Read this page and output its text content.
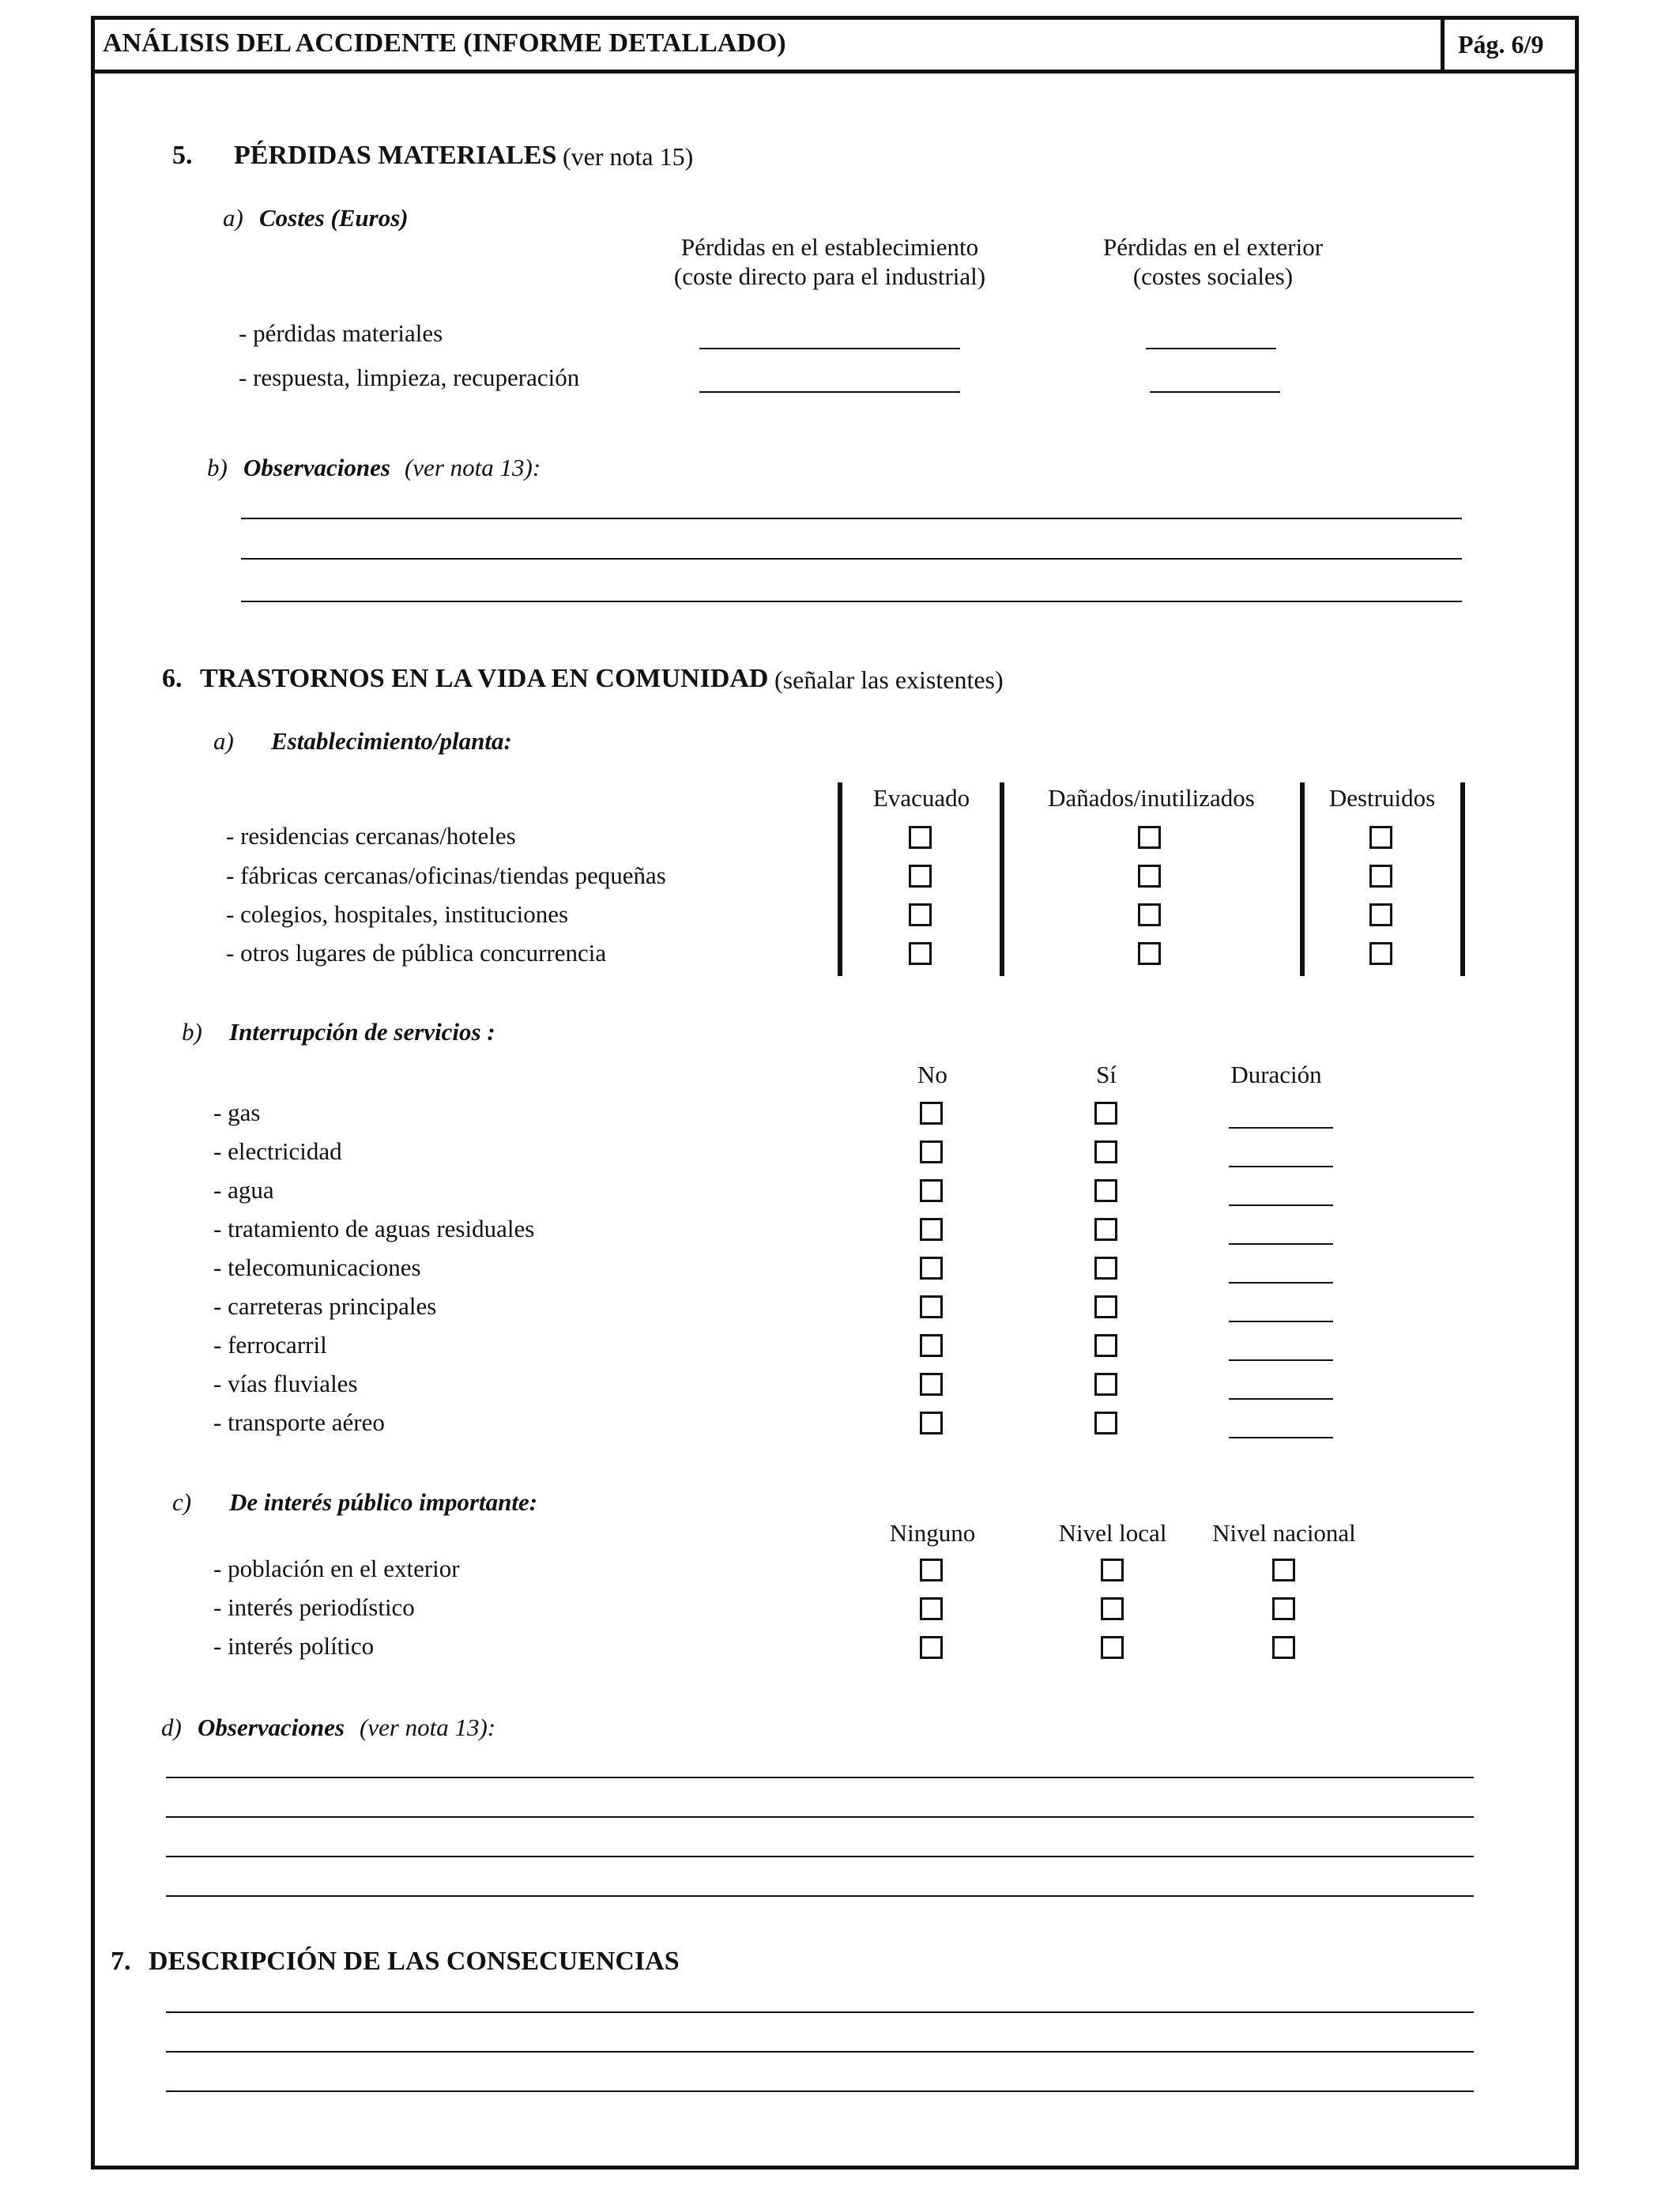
ANÁLISIS DEL ACCIDENTE (INFORME DETALLADO)	Pág. 6/9
5. PÉRDIDAS MATERIALES (ver nota 15)
a) Costes (Euros)
Pérdidas en el establecimiento
(coste directo para el industrial)
Pérdidas en el exterior
(costes sociales)
- pérdidas materiales
- respuesta, limpieza, recuperación
b) Observaciones (ver nota 13):
6. TRASTORNOS EN LA VIDA EN COMUNIDAD (señalar las existentes)
a) Establecimiento/planta:
Evacuado	Dañados/inutilizados	Destruidos
- residencias cercanas/hoteles
- fábricas cercanas/oficinas/tiendas pequeñas
- colegios, hospitales, instituciones
- otros lugares de pública concurrencia
b) Interrupción de servicios :
No	Sí	Duración
- gas
- electricidad
- agua
- tratamiento de aguas residuales
- telecomunicaciones
- carreteras principales
- ferrocarril
- vías fluviales
- transporte aéreo
c) De interés público importante:
Ninguno	Nivel local	Nivel nacional
- población en el exterior
- interés periodístico
- interés político
d) Observaciones (ver nota 13):
7. DESCRIPCIÓN DE LAS CONSECUENCIAS
